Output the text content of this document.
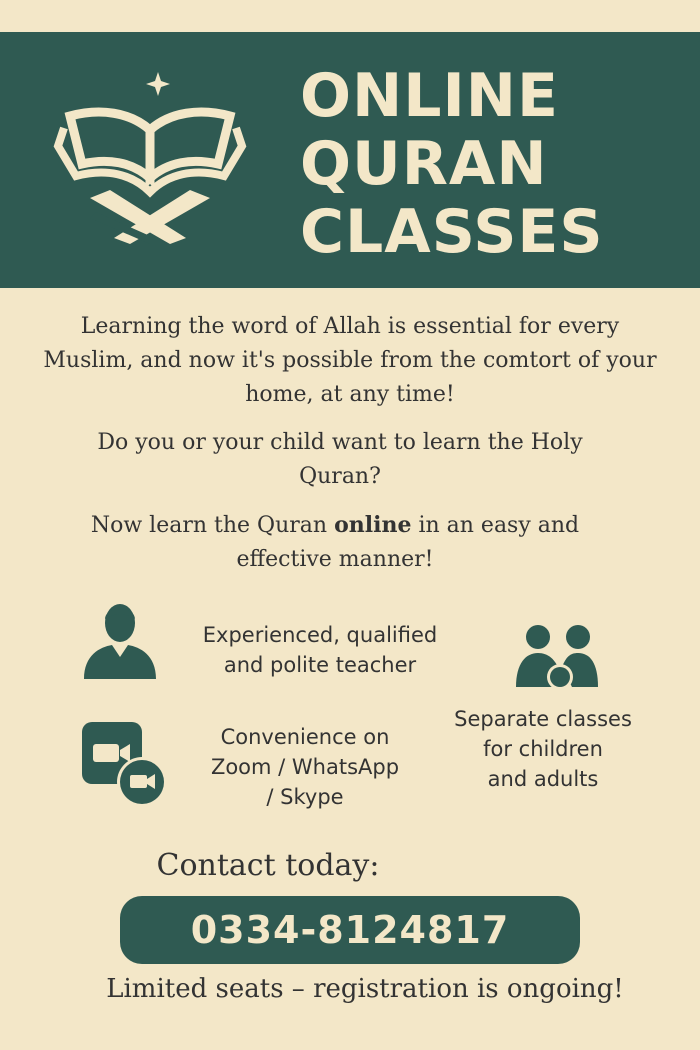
ONLINE
QURAN
CLASSES

Learning the word of Allah is essential for every Muslim, and now it's possible from the comtort of your home, at any time!

Do you or your child want to learn the Holy Quran?

Now learn the Quran online in an easy and effective manner!

Experienced, qualified
and polite teacher

Separate classes
for children
and adults

Convenience on
Zoom / WhatsApp
/ Skype

Contact today:

0334-8124817

Limited seats – registration is ongoing!
